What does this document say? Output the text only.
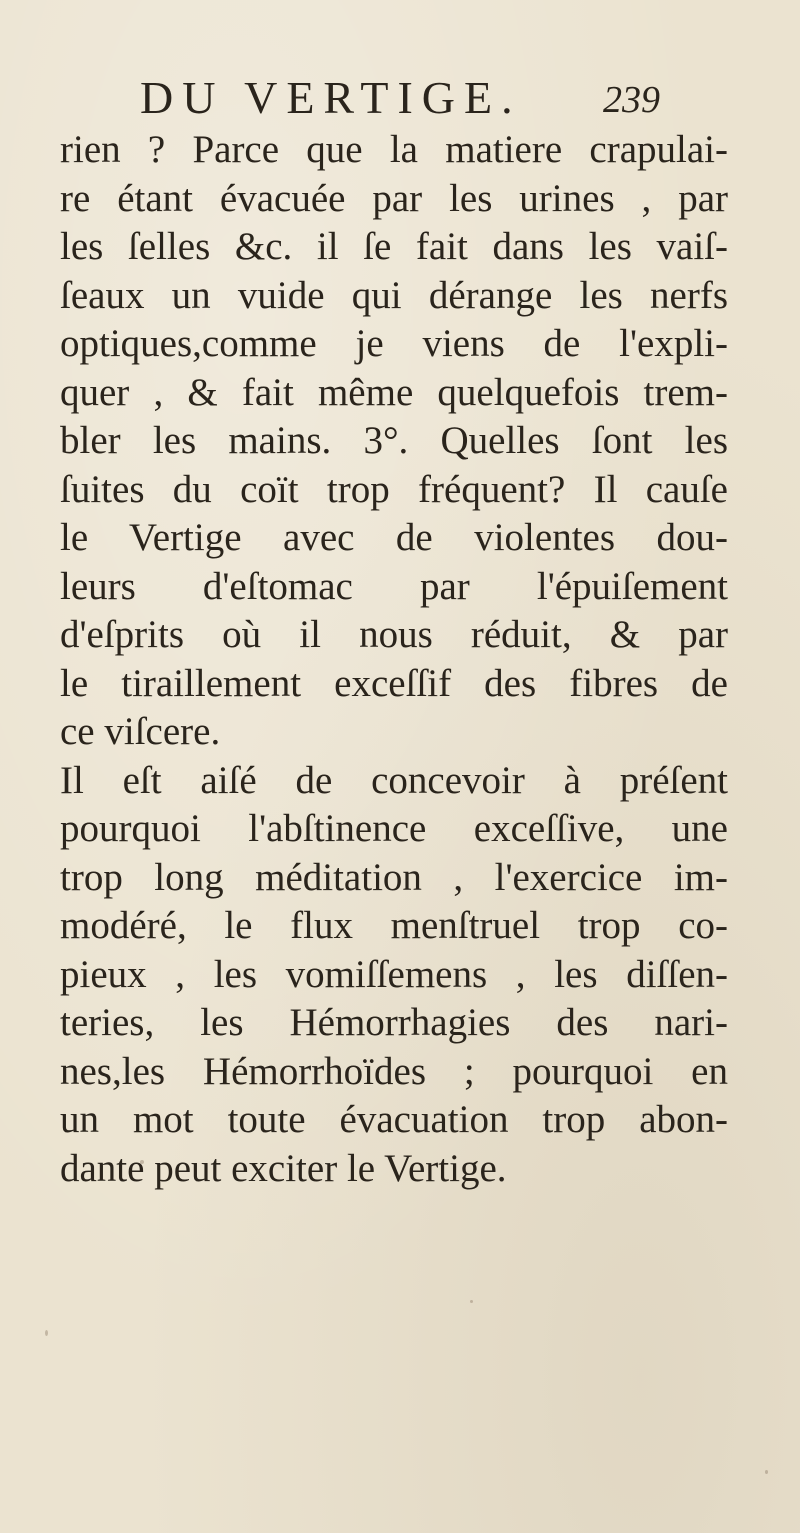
DU VERTIGE. 239
rien ? Parce que la matiere crapulai-
re étant évacuée par les urines , par
les ſelles &c. il ſe fait dans les vaiſ-
ſeaux un vuide qui dérange les nerfs
optiques,comme je viens de l'expli-
quer , & fait même quelquefois trem-
bler les mains. 3°. Quelles ſont les
ſuites du coït trop fréquent? Il cauſe
le Vertige avec de violentes dou-
leurs d'eſtomac par l'épuiſement
d'eſprits où il nous réduit, & par
le tiraillement exceſſif des fibres de
ce viſcere.
Il eſt aiſé de concevoir à préſent
pourquoi l'abſtinence exceſſive, une
trop long méditation , l'exercice im-
modéré, le flux menſtruel trop co-
pieux , les vomiſſemens , les diſſen-
teries, les Hémorrhagies des nari-
nes,les Hémorrhoïdes ; pourquoi en
un mot toute évacuation trop abon-
dante peut exciter le Vertige.
